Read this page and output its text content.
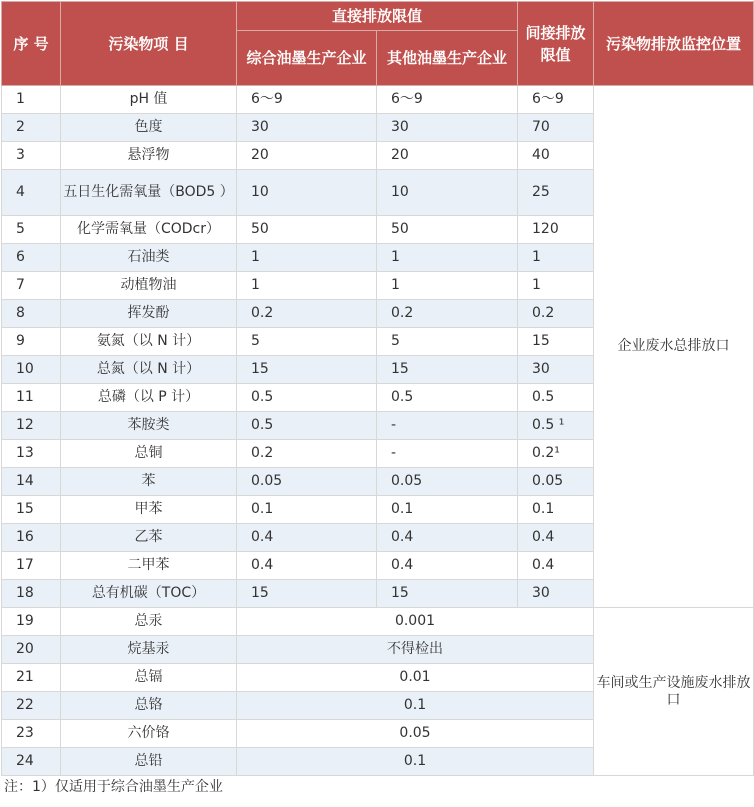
序 号	污染物项 目	直接排放限值		间接排放限值	污染物排放监控位置
		综合油墨生产企业	其他油墨生产企业		
1	pH 值	6～9	6～9	6～9	企业废水总排放口
2	色度	30	30	70	
3	悬浮物	20	20	40	
4	五日生化需氧量（BOD5 ）	10	10	25	
5	化学需氧量（CODcr）	50	50	120	
6	石油类	1	1	1	
7	动植物油	1	1	1	
8	挥发酚	0.2	0.2	0.2	
9	氨氮（以 N 计）	5	5	15	
10	总氮（以 N 计）	15	15	30	
11	总磷（以 P 计）	0.5	0.5	0.5	
12	苯胺类	0.5	-	0.5 ¹	
13	总铜	0.2	-	0.2¹	
14	苯	0.05	0.05	0.05	
15	甲苯	0.1	0.1	0.1	
16	乙苯	0.4	0.4	0.4	
17	二甲苯	0.4	0.4	0.4	
18	总有机碳（TOC）	15	15	30	
19	总汞	0.001			车间或生产设施废水排放口
20	烷基汞	不得检出			
21	总镉	0.01			
22	总铬	0.1			
23	六价铬	0.05			
24	总铅	0.1			
注：1）仅适用于综合油墨生产企业
